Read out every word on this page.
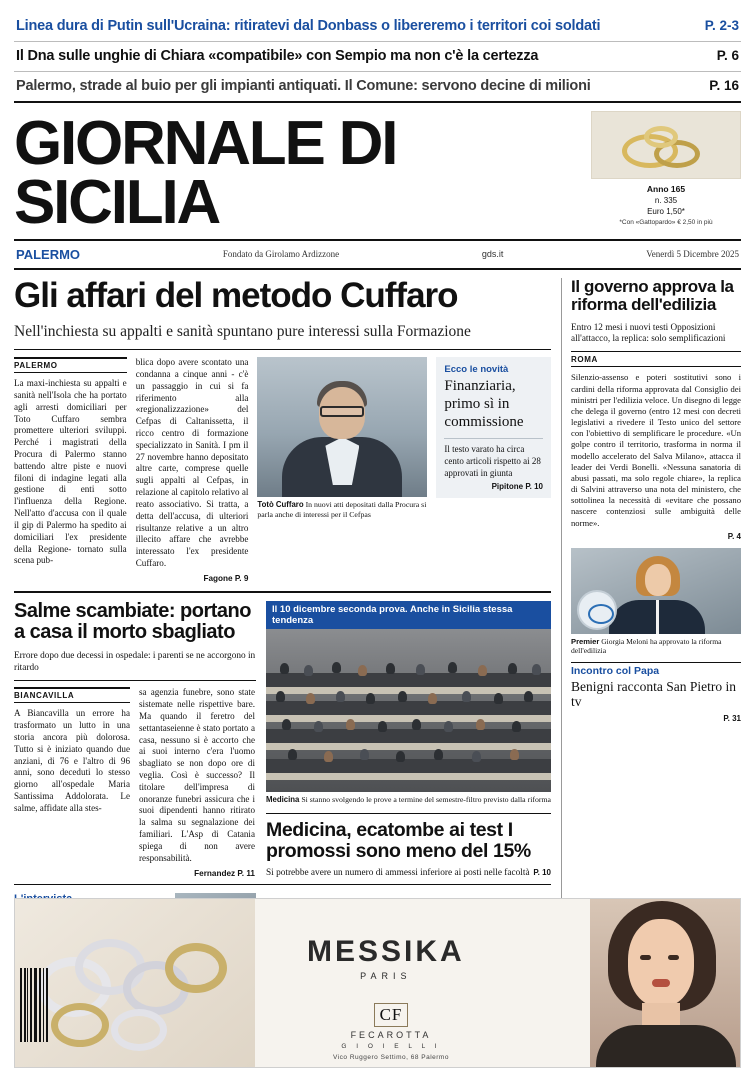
Linea dura di Putin sull'Ucraina: ritiratevi dal Donbass o libereremo i territori coi soldati	P. 2-3
Il Dna sulle unghie di Chiara «compatibile» con Sempio ma non c'è la certezza	P. 6
Palermo, strade al buio per gli impianti antiquati. Il Comune: servono decine di milioni	P. 16
GIORNALE DI SICILIA	Anno 165
n. 335
Euro 1,50*
*Con «Gattopardo» € 2,50 in più
PALERMO	Fondato da Girolamo Ardizzone	gds.it	Venerdì 5 Dicembre 2025
Gli affari del metodo Cuffaro
Nell'inchiesta su appalti e sanità spuntano pure interessi sulla Formazione
PALERMO
La maxi-inchiesta su appalti e sanità nell'Isola che ha portato agli arresti domiciliari per Toto Cuffaro sembra promettere ulteriori sviluppi. Perché i magistrati della Procura di Palermo stanno battendo altre piste e nuovi filoni di indagine legati alla gestione di enti sotto l'influenza della Regione. Nell'atto d'accusa con il quale il gip di Palermo ha spedito ai domiciliari l'ex presidente della Regione- tornato sulla scena pub-
blica dopo avere scontato una condanna a cinque anni - c'è un passaggio in cui si fa riferimento alla «regionalizzazione» del Cefpas di Caltanissetta, il ricco centro di formazione specializzato in Sanità. I pm il 27 novembre hanno depositato altre carte, comprese quelle sugli appalti al Cefpas, in relazione al capitolo relativo al reato associativo. Si tratta, a detta dell'accusa, di ulteriori risultanze relative a un altro illecito affare che avrebbe interessato l'ex presidente Cuffaro.
Fagone P. 9
Totò Cuffaro In nuovi atti depositati dalla Procura si parla anche di interessi per il Cefpas
Ecco le novità
Finanziaria, primo sì in commissione
Il testo varato ha circa cento articoli rispetto ai 28 approvati in giunta
Pipitone P. 10
Salme scambiate: portano a casa il morto sbagliato
Errore dopo due decessi in ospedale: i parenti se ne accorgono in ritardo
BIANCAVILLA
A Biancavilla un errore ha trasformato un lutto in una storia ancora più dolorosa. Tutto si è iniziato quando due anziani, di 76 e l'altro di 96 anni, sono deceduti lo stesso giorno all'ospedale Maria Santissima Addolorata. Le salme, affidate alla stes-
sa agenzia funebre, sono state sistemate nelle rispettive bare. Ma quando il feretro del settantaseienne è stato portato a casa, nessuno si è accorto che ai suoi interno c'era l'uomo sbagliato se non dopo ore di veglia. Così è successo? Il titolare dell'impresa di onoranze funebri assicura che i suoi dipendenti hanno ritirato la salma su segnalazione dei familiari. L'Asp di Catania spiega di non avere responsabilità.
Fernandez P. 11
Il 10 dicembre seconda prova. Anche in Sicilia stessa tendenza
Medicina Si stanno svolgendo le prove a termine del semestre-filtro previsto dalla riforma
Medicina, ecatombe ai test I promossi sono meno del 15%
Si potrebbe avere un numero di ammessi inferiore ai posti nelle facoltà P. 10
Il governo approva la riforma dell'edilizia
Entro 12 mesi i nuovi testi Opposizioni all'attacco, la replica: solo semplificazioni
ROMA
Silenzio-assenso e poteri sostitutivi sono i cardini della riforma approvata dal Consiglio dei ministri per l'edilizia veloce. Un disegno di legge che delega il governo (entro 12 mesi con decreti legislativi a rivedere il Testo unico del settore con l'obiettivo di semplificare le procedure. «Un golpe contro il territorio, trasforma in norma il modello accelerato del Salva Milano», attacca il leader dei Verdi Bonelli. «Nessuna sanatoria di abusi passati, ma solo regole chiare», la replica di Salvini attraverso una nota del ministero, che sottolinea la necessità di «evitare che possano nascere contenziosi sulle ambiguità delle norme».
P. 4
Premier Giorgia Meloni ha approvato la riforma dell'edilizia
Incontro col Papa
Benigni racconta San Pietro in tv
P. 31
MESSIKA
PARIS
CF
FECAROTTA
G I O I E L L I
Vico Ruggero Settimo, 68 Palermo
